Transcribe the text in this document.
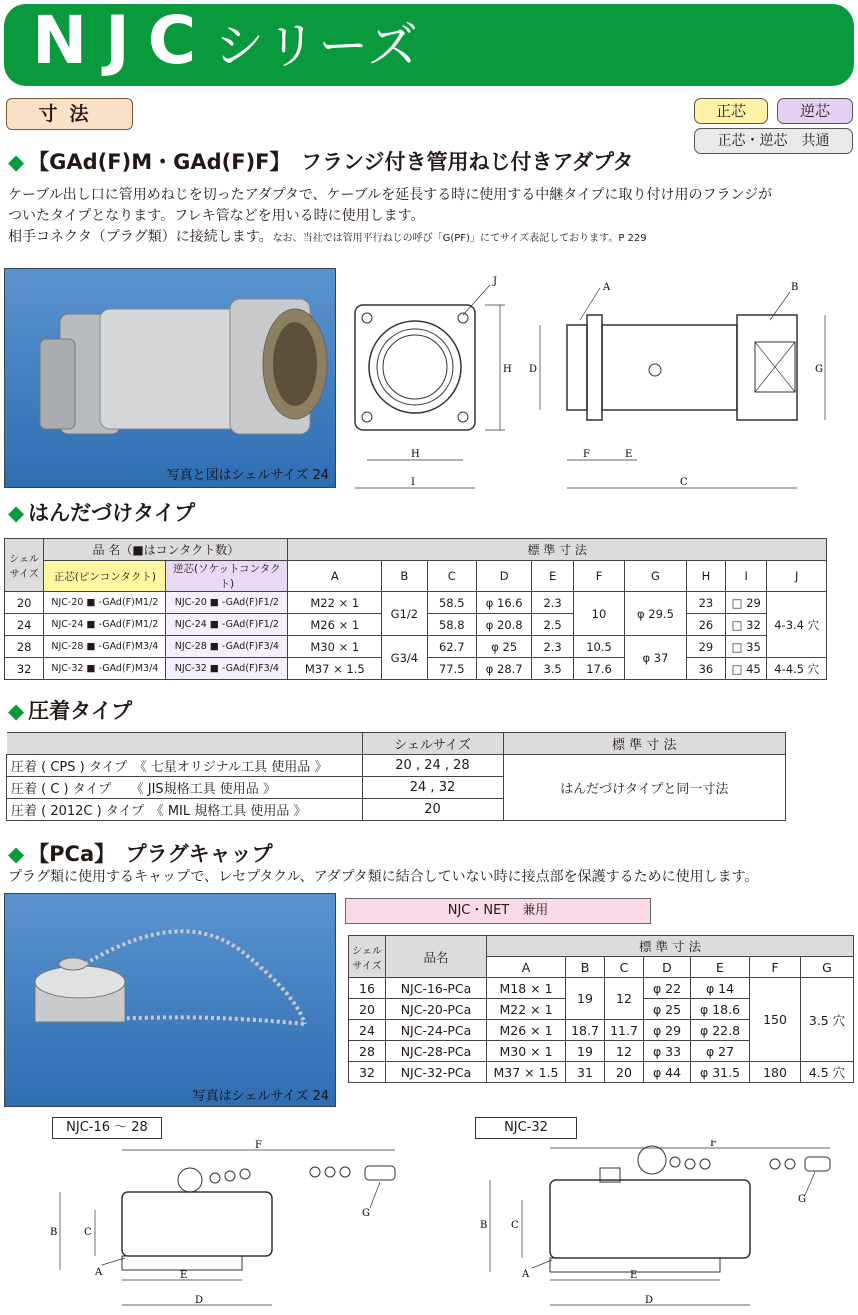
NJCシリーズ
寸法	正芯	逆芯
正芯・逆芯　共通
◆ 【GAd(F)M・GAd(F)F】　フランジ付き管用ねじ付きアダプタ
ケーブル出し口に管用めねじを切ったアダプタで、ケーブルを延長する時に使用する中継タイプに取り付け用のフランジが
ついたタイプとなります。フレキ管などを用いる時に使用します。
相手コネクタ（プラグ類）に接続します。なお、当社では管用平行ねじの呼び「G(PF)」にてサイズ表記しております。P 229
写真と図はシェルサイズ 24
J
H
H
I
A	B
D	G
F	E
C
◆ はんだづけタイプ
シェルサイズ	品 名（■はコンタクト数）		標 準 寸 法									
	正芯(ピンコンタクト)	逆芯(ソケットコンタクト)	A	B	C	D	E	F	G	H	I	J
20	NJC-20 ■ -GAd(F)M1/2	NJC-20 ■ -GAd(F)F1/2	M22 × 1	G1/2	58.5	φ 16.6	2.3	10	φ 29.5	23	□ 29	4-3.4 穴
24	NJC-24 ■ -GAd(F)M1/2	NJC-24 ■ -GAd(F)F1/2	M26 × 1		58.8	φ 20.8	2.5			26	□ 32	
28	NJC-28 ■ -GAd(F)M3/4	NJC-28 ■ -GAd(F)F3/4	M30 × 1	G3/4	62.7	φ 25	2.3	10.5	φ 37	29	□ 35	
32	NJC-32 ■ -GAd(F)M3/4	NJC-32 ■ -GAd(F)F3/4	M37 × 1.5		77.5	φ 28.7	3.5	17.6		36	□ 45	4-4.5 穴
◆ 圧着タイプ
	シェルサイズ	標 準 寸 法
圧着 ( CPS ) タイプ　《 七星オリジナル工具 使用品 》	20 , 24 , 28	はんだづけタイプと同一寸法
圧着 ( C ) タイプ　　《 JIS規格工具 使用品 》	24 , 32	
圧着 ( 2012C ) タイプ　《 MIL 規格工具 使用品 》	20	
◆ 【PCa】　プラグキャップ
プラグ類に使用するキャップで、レセプタクル、アダプタ類に結合していない時に接点部を保護するために使用します。
写真はシェルサイズ 24
NJC・NET　兼用
シェルサイズ	品名	標 準 寸 法						
		A	B	C	D	E	F	G
16	NJC-16-PCa	M18 × 1	19	12	φ 22	φ 14	150	3.5 穴
20	NJC-20-PCa	M22 × 1			φ 25	φ 18.6		
24	NJC-24-PCa	M26 × 1	18.7	11.7	φ 29	φ 22.8		
28	NJC-28-PCa	M30 × 1	19	12	φ 33	φ 27		
32	NJC-32-PCa	M37 × 1.5	31	20	φ 44	φ 31.5	180	4.5 穴
NJC-16 ～ 28	NJC-32
B	C
F
E
D
A
G
B C
F
E
D
A
G
